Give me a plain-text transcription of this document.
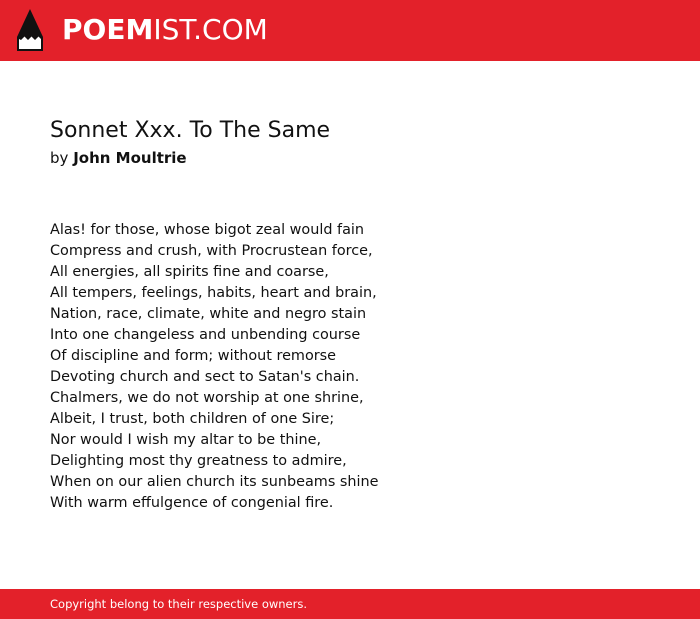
POEMIST.COM
Sonnet Xxx. To The Same
by John Moultrie
Alas! for those, whose bigot zeal would fain
Compress and crush, with Procrustean force,
All energies, all spirits fine and coarse,
All tempers, feelings, habits, heart and brain,
Nation, race, climate, white and negro stain
Into one changeless and unbending course
Of discipline and form; without remorse
Devoting church and sect to Satan's chain.
Chalmers, we do not worship at one shrine,
Albeit, I trust, both children of one Sire;
Nor would I wish my altar to be thine,
Delighting most thy greatness to admire,
When on our alien church its sunbeams shine
With warm effulgence of congenial fire.
Copyright belong to their respective owners.
